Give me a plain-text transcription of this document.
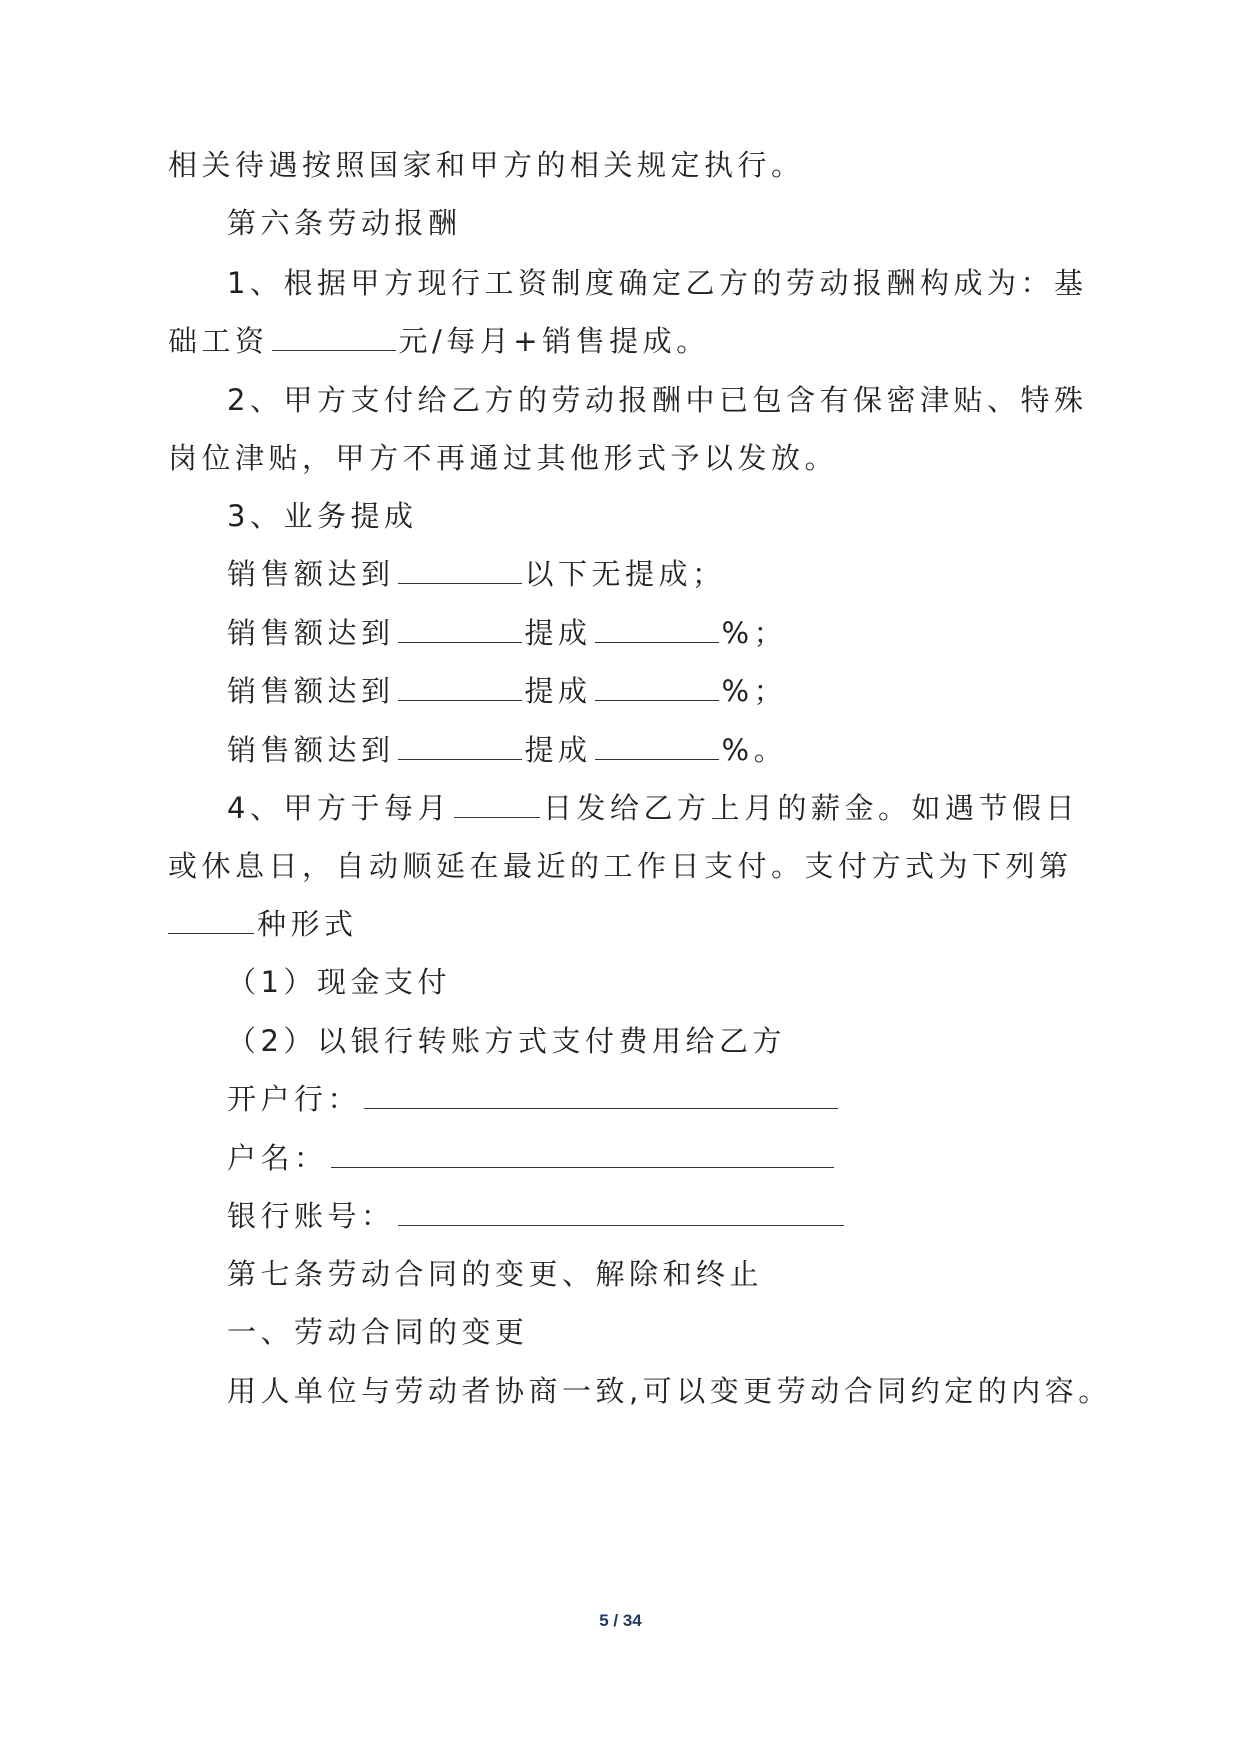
相关待遇按照国家和甲方的相关规定执行。
第六条劳动报酬
1、根据甲方现行工资制度确定乙方的劳动报酬构成为：基
础工资	元/每月+销售提成。
2、甲方支付给乙方的劳动报酬中已包含有保密津贴、特殊
岗位津贴，甲方不再通过其他形式予以发放。
3、业务提成
销售额达到	以下无提成；
销售额达到	提成	%；
销售额达到	提成	%；
销售额达到	提成	%。
4、甲方于每月	日发给乙方上月的薪金。如遇节假日
或休息日，自动顺延在最近的工作日支付。支付方式为下列第
种形式
（1）现金支付
（2）以银行转账方式支付费用给乙方
开户行：
户名：
银行账号：
第七条劳动合同的变更、解除和终止
一、劳动合同的变更
用人单位与劳动者协商一致,可以变更劳动合同约定的内容。
5 / 34
